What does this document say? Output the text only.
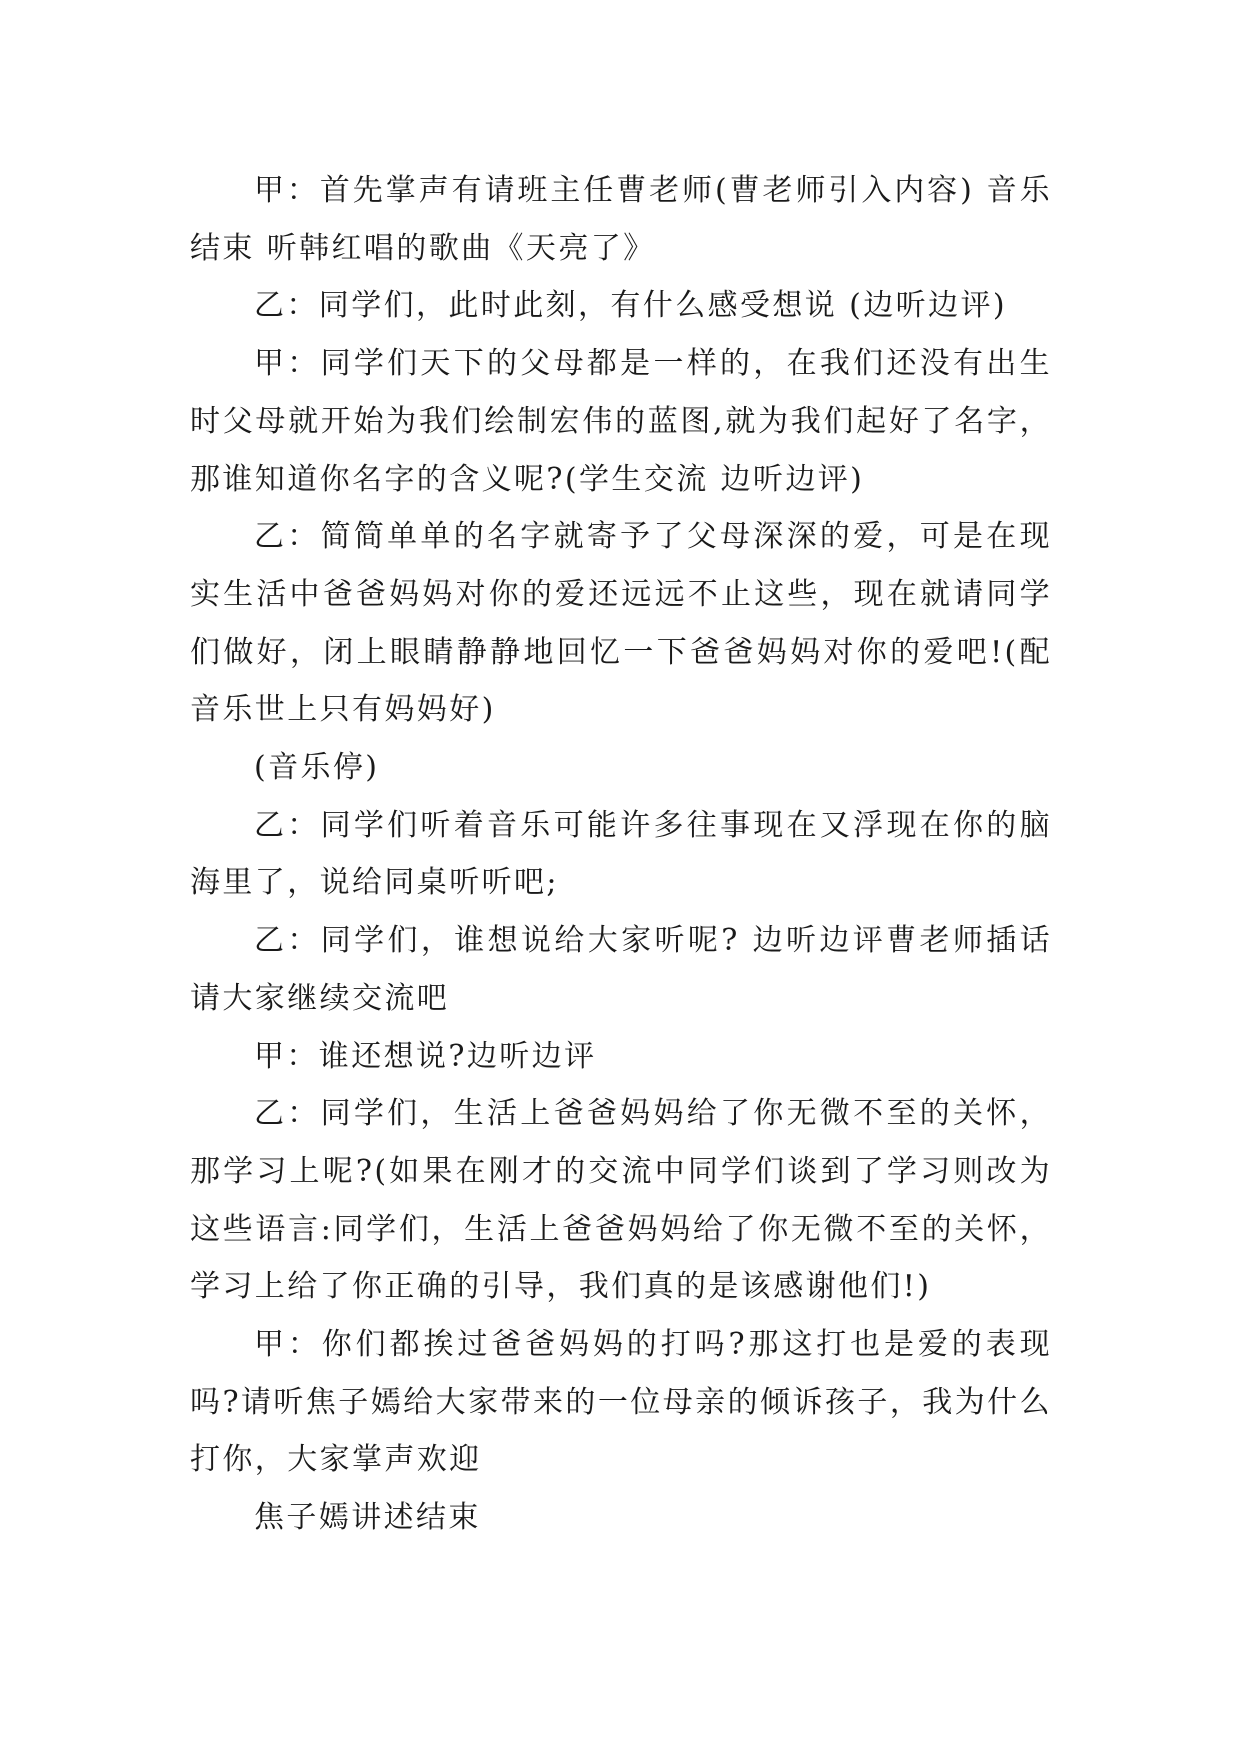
甲：首先掌声有请班主任曹老师(曹老师引入内容) 音乐结束 听韩红唱的歌曲《天亮了》

乙：同学们，此时此刻，有什么感受想说 (边听边评)

甲：同学们天下的父母都是一样的，在我们还没有出生时父母就开始为我们绘制宏伟的蓝图,就为我们起好了名字，那谁知道你名字的含义呢?(学生交流 边听边评)

乙：简简单单的名字就寄予了父母深深的爱，可是在现实生活中爸爸妈妈对你的爱还远远不止这些，现在就请同学们做好，闭上眼睛静静地回忆一下爸爸妈妈对你的爱吧!(配音乐世上只有妈妈好)

(音乐停)

乙：同学们听着音乐可能许多往事现在又浮现在你的脑海里了，说给同桌听听吧;

乙：同学们，谁想说给大家听呢? 边听边评曹老师插话请大家继续交流吧

甲：谁还想说?边听边评

乙：同学们，生活上爸爸妈妈给了你无微不至的关怀，那学习上呢?(如果在刚才的交流中同学们谈到了学习则改为这些语言:同学们，生活上爸爸妈妈给了你无微不至的关怀，学习上给了你正确的引导，我们真的是该感谢他们!)

甲：你们都挨过爸爸妈妈的打吗?那这打也是爱的表现吗?请听焦子嫣给大家带来的一位母亲的倾诉孩子，我为什么打你，大家掌声欢迎

焦子嫣讲述结束
